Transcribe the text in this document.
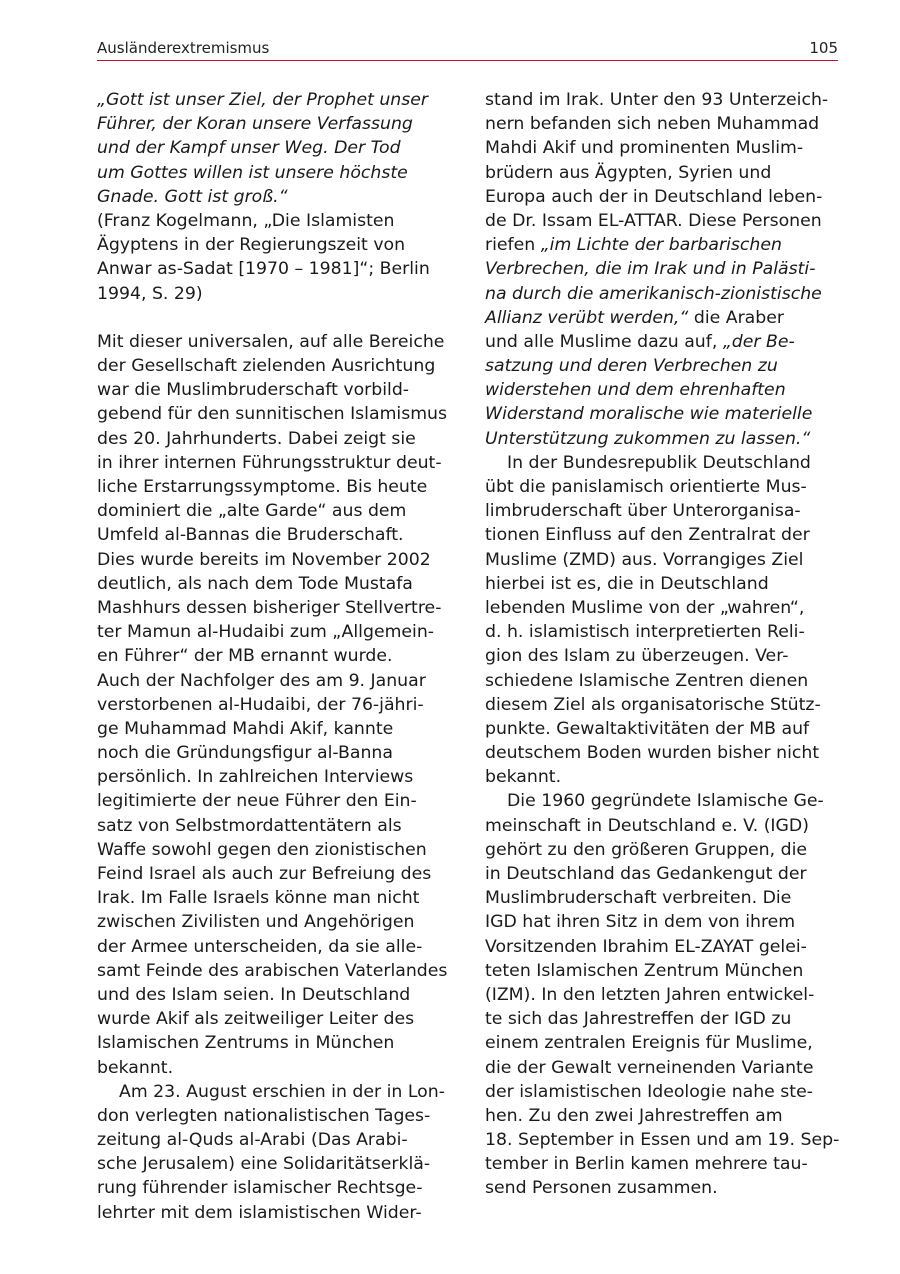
Ausländerextremismus	105
„Gott ist unser Ziel, der Prophet unser
Führer, der Koran unsere Verfassung
und der Kampf unser Weg. Der Tod
um Gottes willen ist unsere höchste
Gnade. Gott ist groß.“
(Franz Kogelmann, „Die Islamisten
Ägyptens in der Regierungszeit von
Anwar as-Sadat [1970 – 1981]“; Berlin
1994, S. 29)
Mit dieser universalen, auf alle Bereiche
der Gesellschaft zielenden Ausrichtung
war die Muslimbruderschaft vorbild-
gebend für den sunnitischen Islamismus
des 20. Jahrhunderts. Dabei zeigt sie
in ihrer internen Führungsstruktur deut-
liche Erstarrungssymptome. Bis heute
dominiert die „alte Garde“ aus dem
Umfeld al-Bannas die Bruderschaft.
Dies wurde bereits im November 2002
deutlich, als nach dem Tode Mustafa
Mashhurs dessen bisheriger Stellvertre-
ter Mamun al-Hudaibi zum „Allgemein-
en Führer“ der MB ernannt wurde.
Auch der Nachfolger des am 9. Januar
verstorbenen al-Hudaibi, der 76-jähri-
ge Muhammad Mahdi Akif, kannte
noch die Gründungsfigur al-Banna
persönlich. In zahlreichen Interviews
legitimierte der neue Führer den Ein-
satz von Selbstmordattentätern als
Waffe sowohl gegen den zionistischen
Feind Israel als auch zur Befreiung des
Irak. Im Falle Israels könne man nicht
zwischen Zivilisten und Angehörigen
der Armee unterscheiden, da sie alle-
samt Feinde des arabischen Vaterlandes
und des Islam seien. In Deutschland
wurde Akif als zeitweiliger Leiter des
Islamischen Zentrums in München
bekannt.
Am 23. August erschien in der in Lon-
don verlegten nationalistischen Tages-
zeitung al-Quds al-Arabi (Das Arabi-
sche Jerusalem) eine Solidaritätserklä-
rung führender islamischer Rechtsge-
lehrter mit dem islamistischen Wider-
stand im Irak. Unter den 93 Unterzeich-
nern befanden sich neben Muhammad
Mahdi Akif und prominenten Muslim-
brüdern aus Ägypten, Syrien und
Europa auch der in Deutschland leben-
de Dr. Issam EL-ATTAR. Diese Personen
riefen „im Lichte der barbarischen
Verbrechen, die im Irak und in Palästi-
na durch die amerikanisch-zionistische
Allianz verübt werden,“ die Araber
und alle Muslime dazu auf, „der Be-
satzung und deren Verbrechen zu
widerstehen und dem ehrenhaften
Widerstand moralische wie materielle
Unterstützung zukommen zu lassen.“
In der Bundesrepublik Deutschland
übt die panislamisch orientierte Mus-
limbruderschaft über Unterorganisa-
tionen Einfluss auf den Zentralrat der
Muslime (ZMD) aus. Vorrangiges Ziel
hierbei ist es, die in Deutschland
lebenden Muslime von der „wahren“,
d. h. islamistisch interpretierten Reli-
gion des Islam zu überzeugen. Ver-
schiedene Islamische Zentren dienen
diesem Ziel als organisatorische Stütz-
punkte. Gewaltaktivitäten der MB auf
deutschem Boden wurden bisher nicht
bekannt.
Die 1960 gegründete Islamische Ge-
meinschaft in Deutschland e. V. (IGD)
gehört zu den größeren Gruppen, die
in Deutschland das Gedankengut der
Muslimbruderschaft verbreiten. Die
IGD hat ihren Sitz in dem von ihrem
Vorsitzenden Ibrahim EL-ZAYAT gelei-
teten Islamischen Zentrum München
(IZM). In den letzten Jahren entwickel-
te sich das Jahrestreffen der IGD zu
einem zentralen Ereignis für Muslime,
die der Gewalt verneinenden Variante
der islamistischen Ideologie nahe ste-
hen. Zu den zwei Jahrestreffen am
18. September in Essen und am 19. Sep-
tember in Berlin kamen mehrere tau-
send Personen zusammen.
